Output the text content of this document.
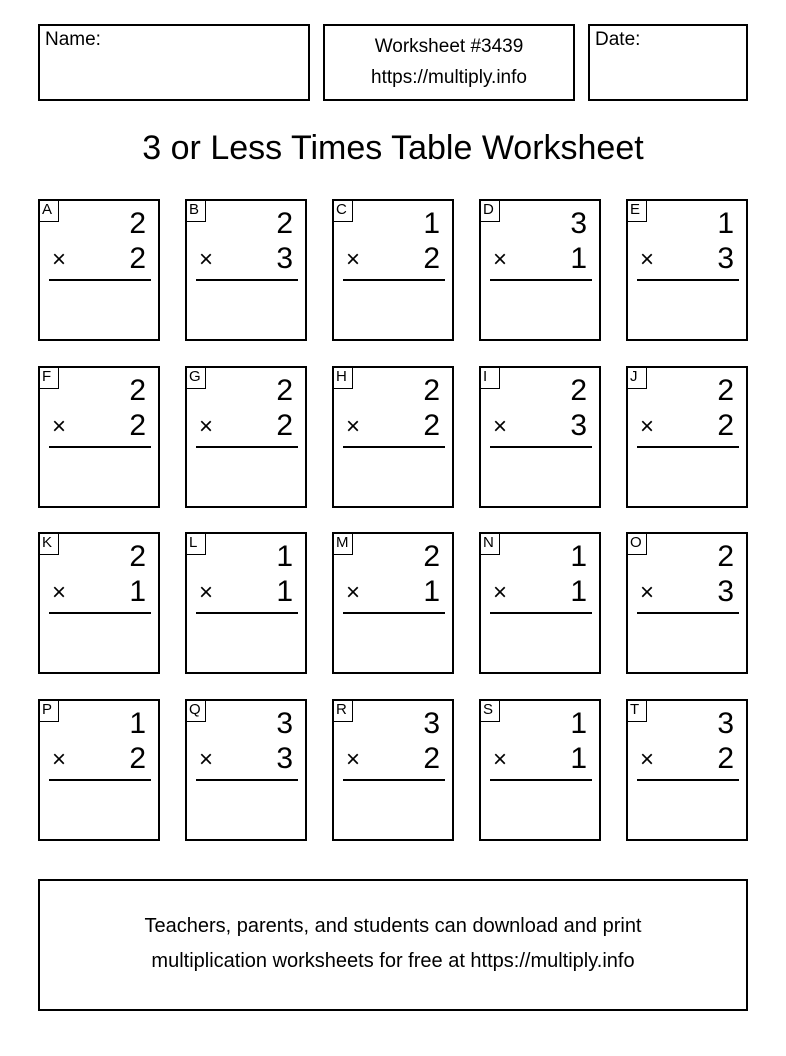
Name:	Worksheet #3439
https://multiply.info
Date:
3 or Less Times Table Worksheet
A	2
× 2
B	2
× 3
C	1
× 2
D	3
× 1
E	1
× 3
F	2
× 2
G	2
× 2
H	2
× 2
I	2
× 3
J	2
× 2
K	2
× 1
L	1
× 1
M 2
× 1
N	1
× 1
O	2
× 3
P	1
× 2
Q	3
× 3
R	3
× 2
S	1
× 1
T	3
× 2
Teachers, parents, and students can download and print
multiplication worksheets for free at https://multiply.info
